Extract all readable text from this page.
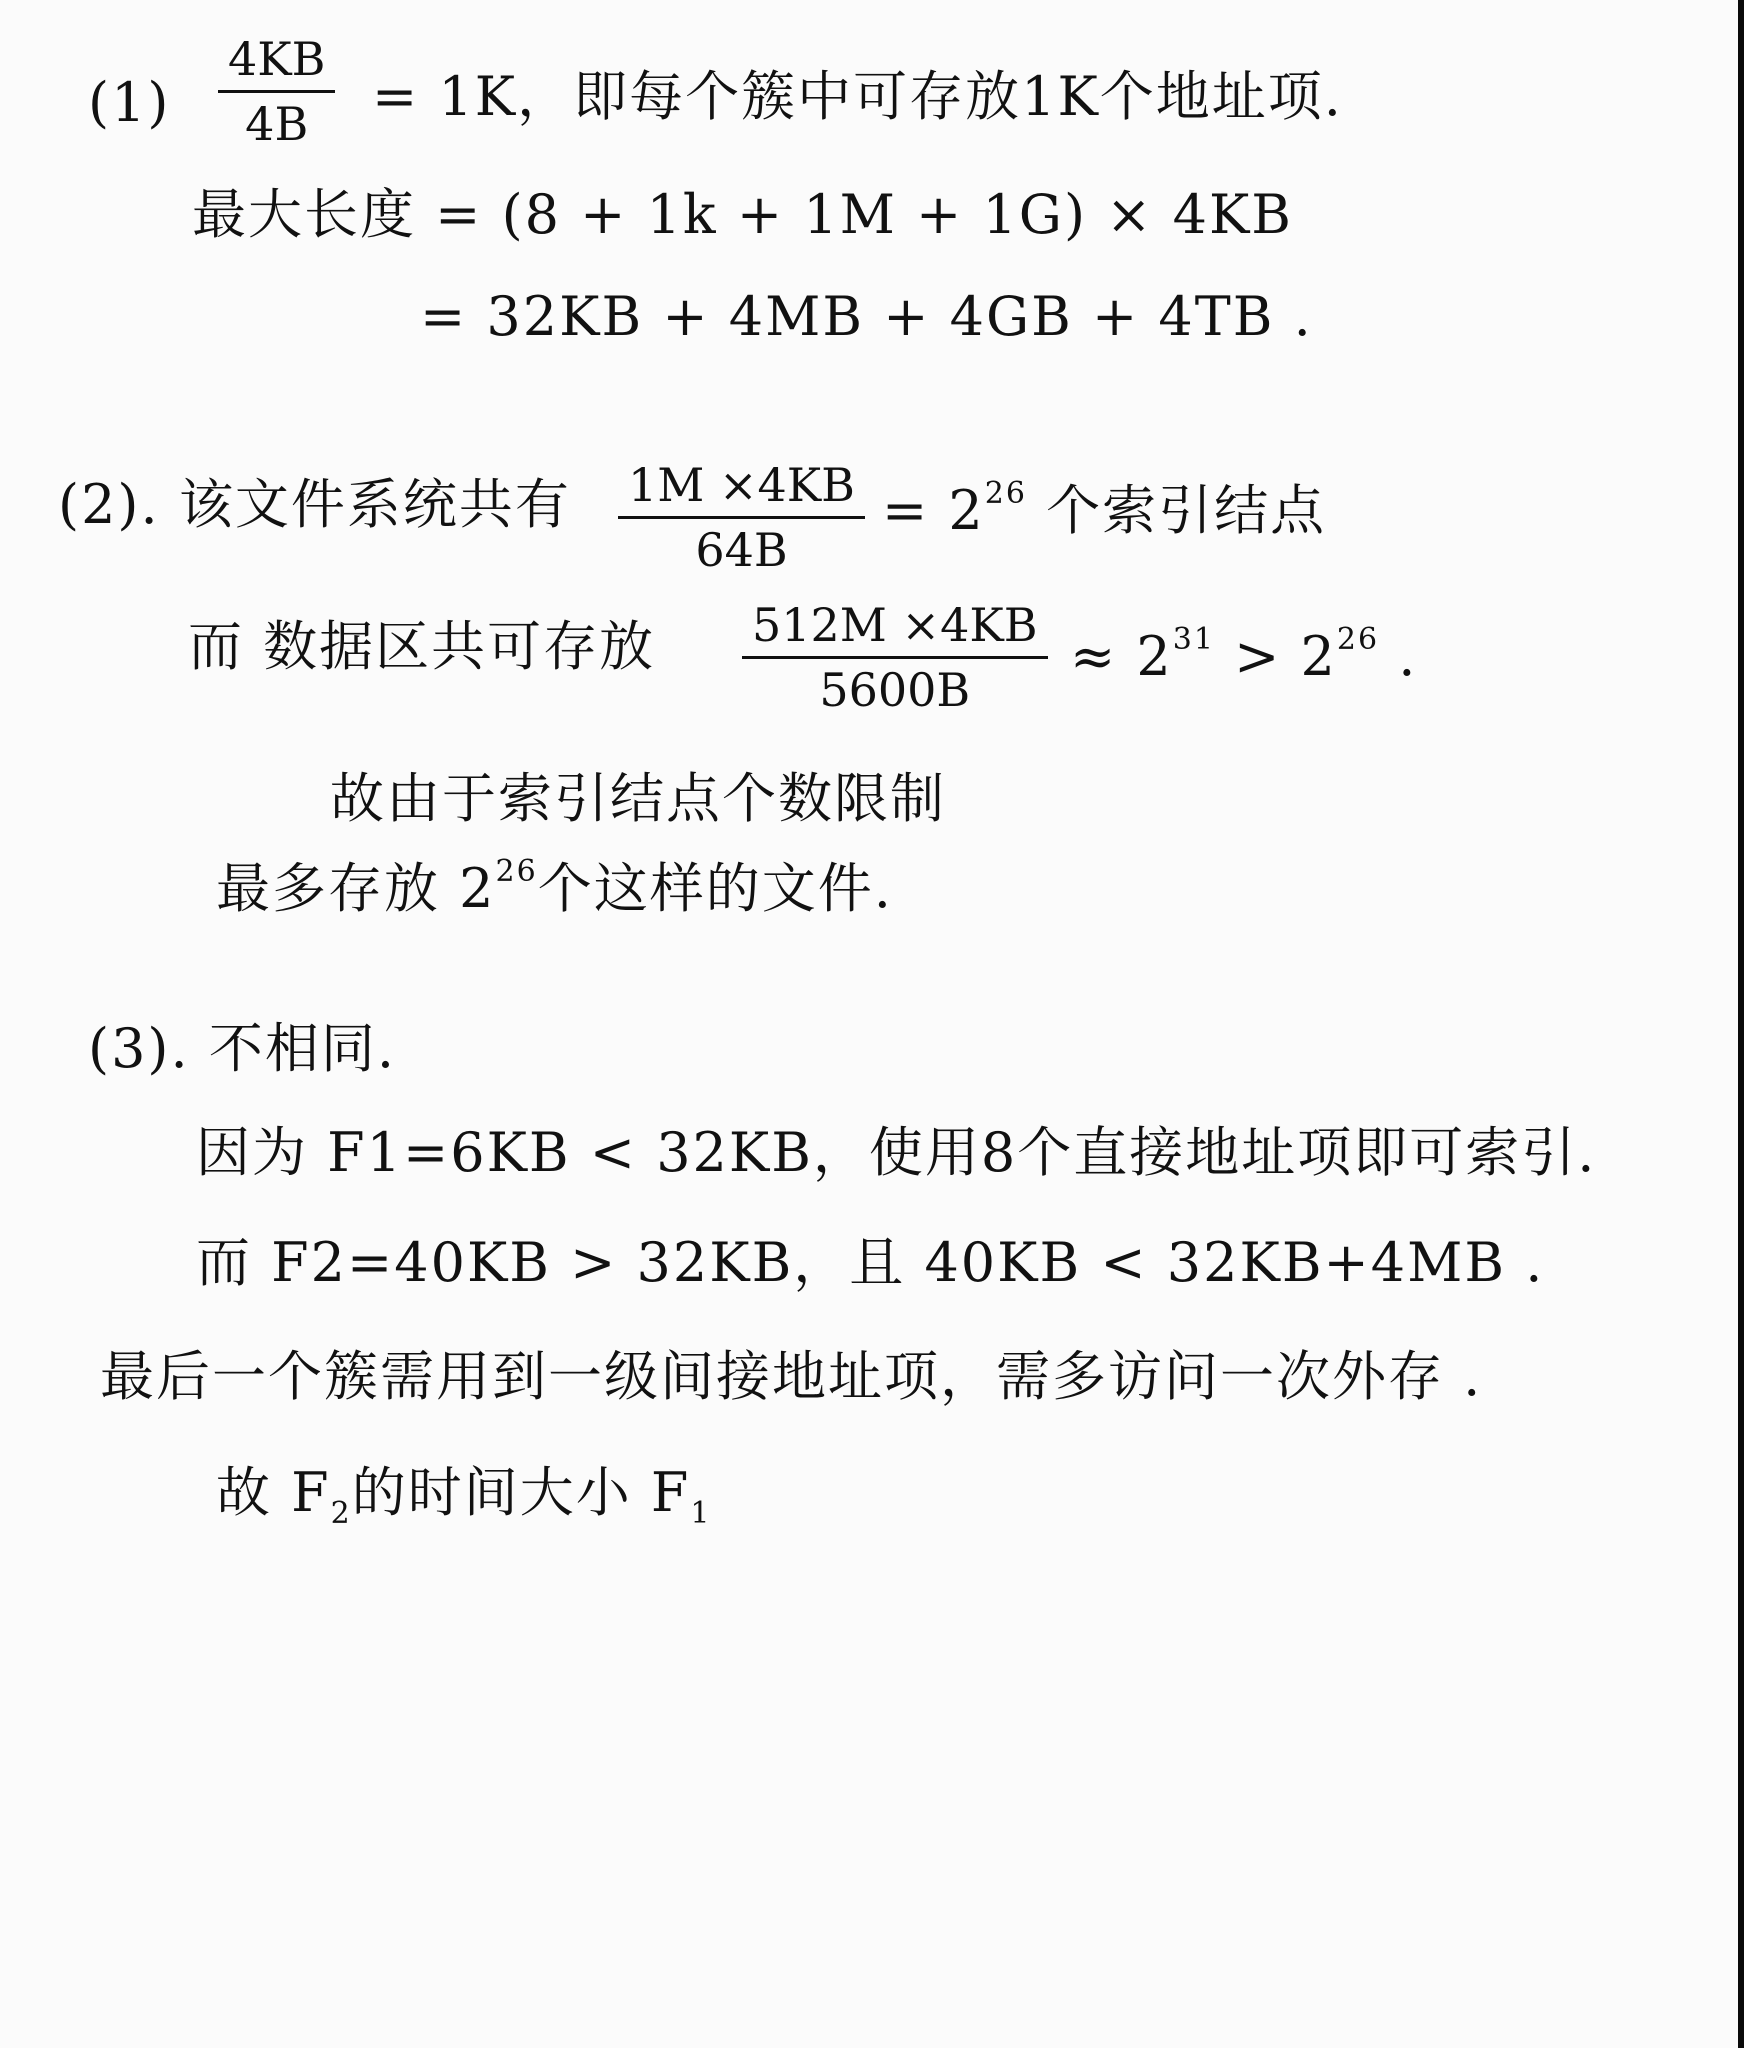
(1)
4KB
4B	= 1K，即每个簇中可存放1K个地址项.
最大长度 = (8 + 1k + 1M + 1G) × 4KB
= 32KB + 4MB + 4GB + 4TB .
(2). 该文件系统共有 1M ×4KB
64B
= $2^{26}$ 个索引结点
而 数据区共可存放 512M ×4KB
5600B
≈ $2^{31} > 2^{26}$ .
故由于索引结点个数限制
最多存放 $2^{26}$个这样的文件.
(3). 不相同.
因为 F1=6KB < 32KB，使用8个直接地址项即可索引.
而 F2=40KB > 32KB，且 40KB < 32KB+4MB .
最后一个簇需用到一级间接地址项，需多访问一次外存 .
故 $F_2$的时间大小 $F_1$
